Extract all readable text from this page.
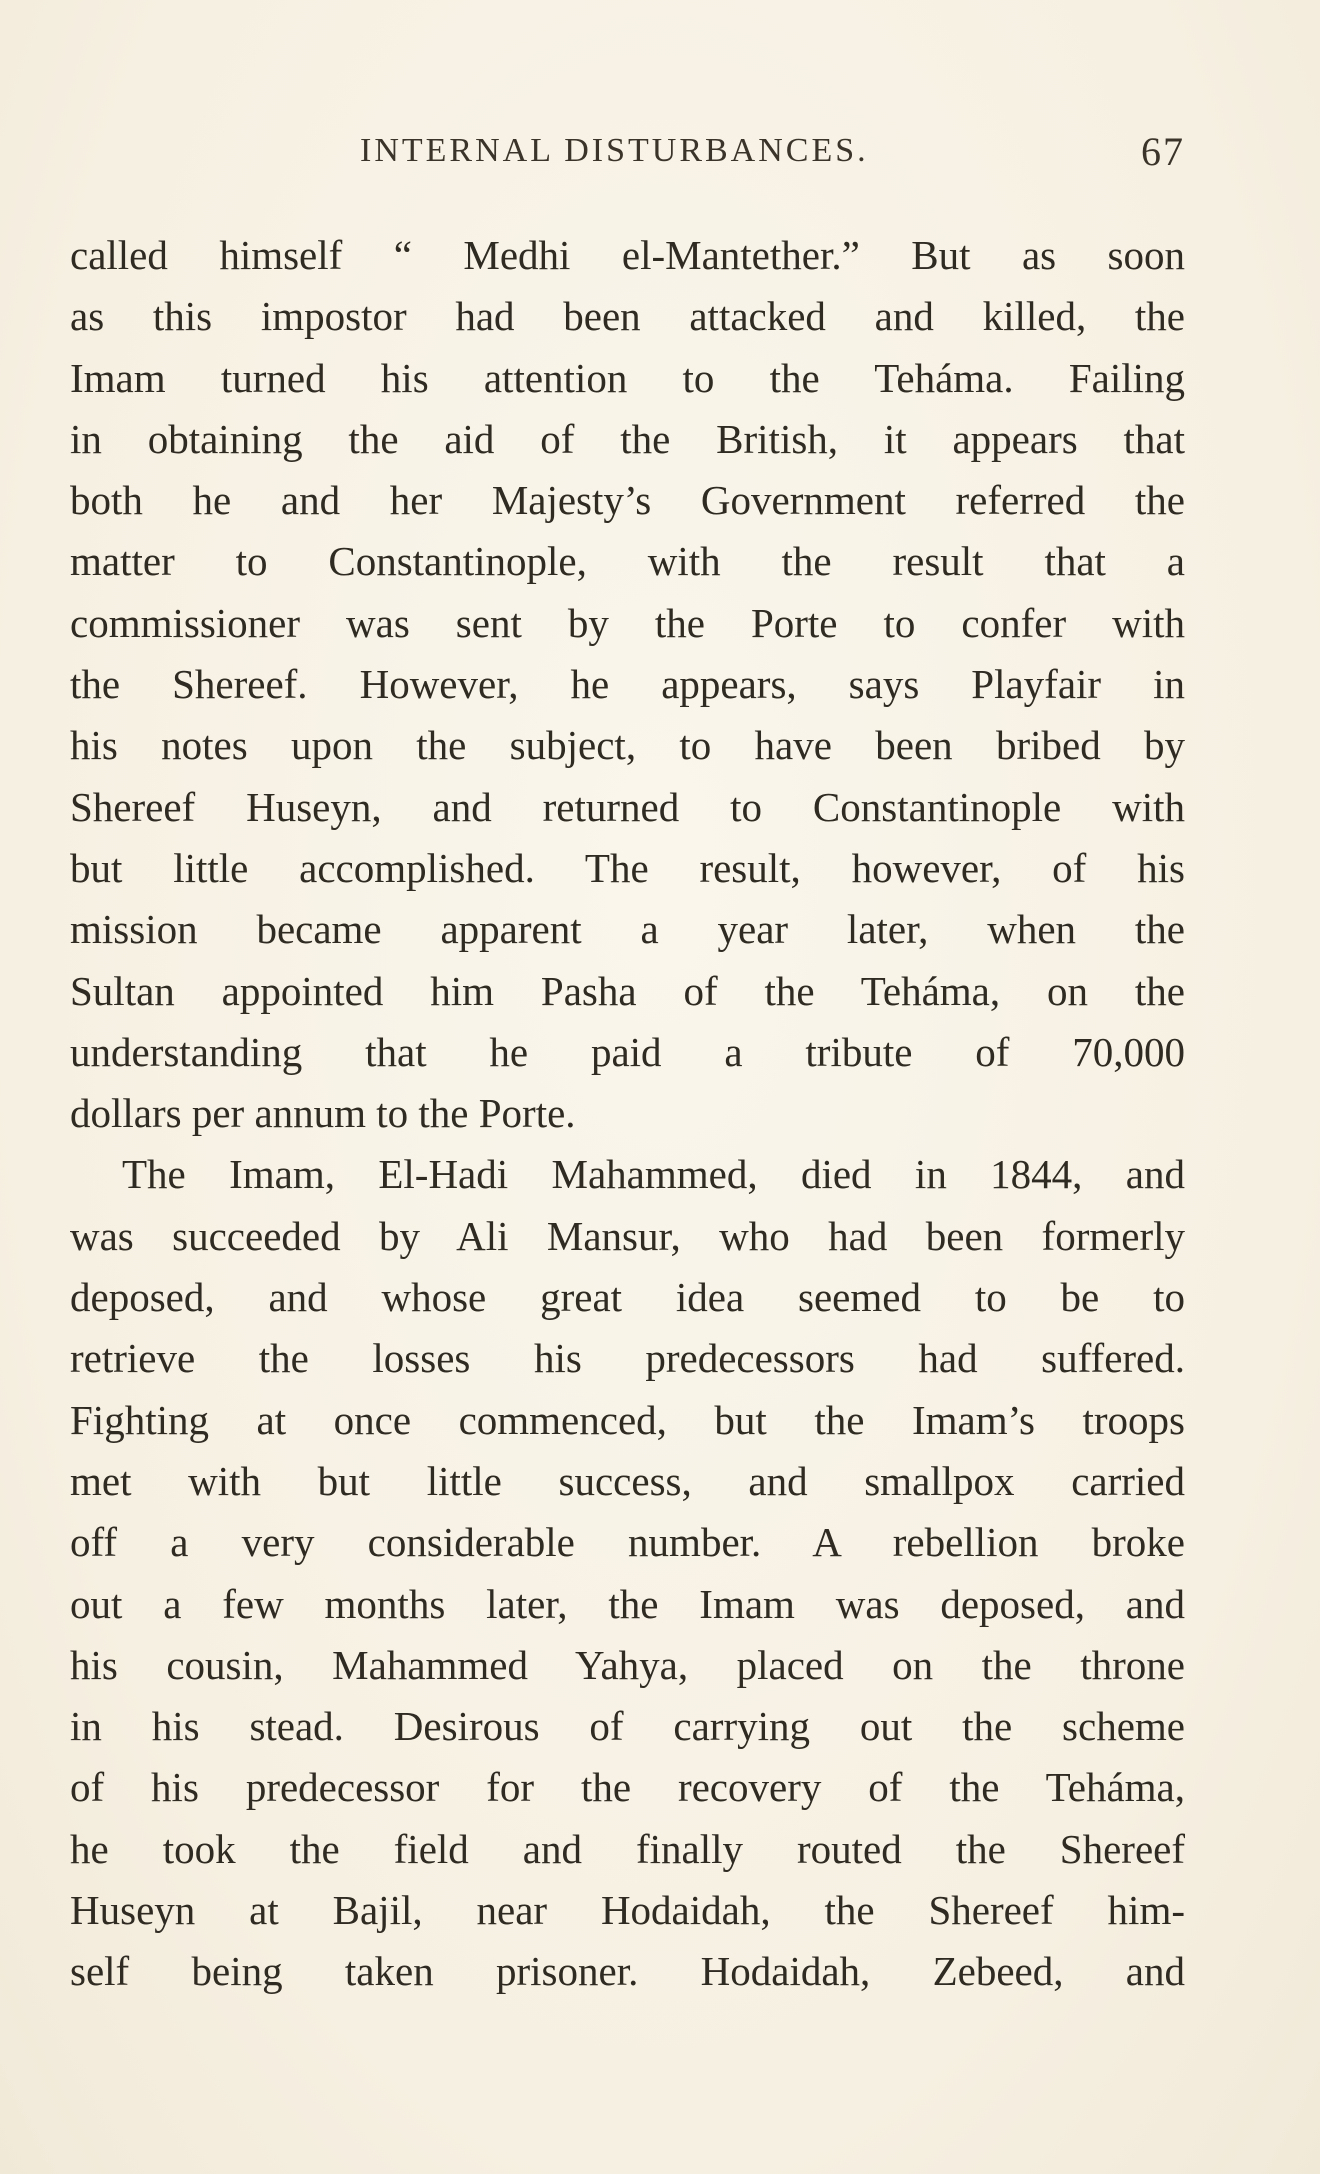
INTERNAL DISTURBANCES.	67
called himself “ Medhi el-Mantether.” But as soon
as this impostor had been attacked and killed, the
Imam turned his attention to the Teháma. Failing
in obtaining the aid of the British, it appears that
both he and her Majesty’s Government referred the
matter to Constantinople, with the result that a
commissioner was sent by the Porte to confer with
the Shereef. However, he appears, says Playfair in
his notes upon the subject, to have been bribed by
Shereef Huseyn, and returned to Constantinople with
but little accomplished. The result, however, of his
mission became apparent a year later, when the
Sultan appointed him Pasha of the Teháma, on the
understanding that he paid a tribute of 70,000
dollars per annum to the Porte.
The Imam, El-Hadi Mahammed, died in 1844, and
was succeeded by Ali Mansur, who had been formerly
deposed, and whose great idea seemed to be to
retrieve the losses his predecessors had suffered.
Fighting at once commenced, but the Imam’s troops
met with but little success, and smallpox carried
off a very considerable number. A rebellion broke
out a few months later, the Imam was deposed, and
his cousin, Mahammed Yahya, placed on the throne
in his stead. Desirous of carrying out the scheme
of his predecessor for the recovery of the Teháma,
he took the field and finally routed the Shereef
Huseyn at Bajil, near Hodaidah, the Shereef him-
self being taken prisoner. Hodaidah, Zebeed, and
